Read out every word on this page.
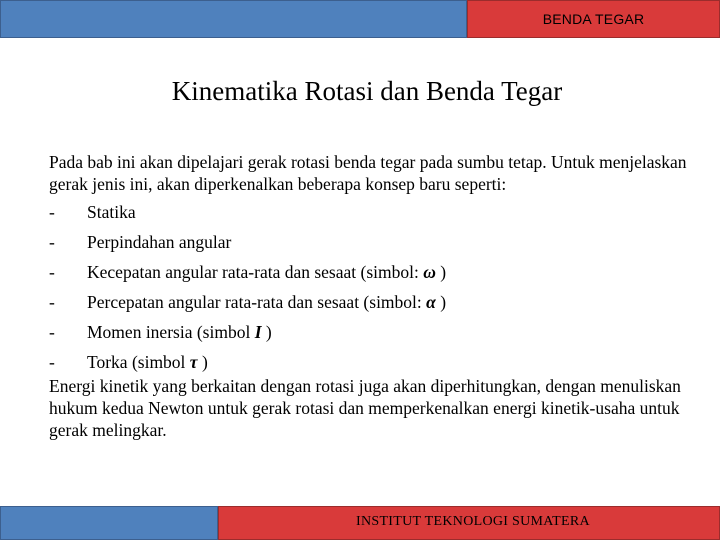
BENDA TEGAR
Kinematika Rotasi dan Benda Tegar

Pada bab ini akan dipelajari gerak rotasi benda tegar pada sumbu tetap. Untuk menjelaskan gerak jenis ini, akan diperkenalkan beberapa konsep baru seperti:

-	Statika
-	Perpindahan angular
-	Kecepatan angular rata-rata dan sesaat (simbol: ω )
-	Percepatan angular rata-rata dan sesaat (simbol: α )
-	Momen inersia (simbol I )
-	Torka (simbol τ )

Energi kinetik yang berkaitan dengan rotasi juga akan diperhitungkan, dengan menuliskan hukum kedua Newton untuk gerak rotasi dan memperkenalkan energi kinetik-usaha untuk gerak melingkar.

INSTITUT TEKNOLOGI SUMATERA
